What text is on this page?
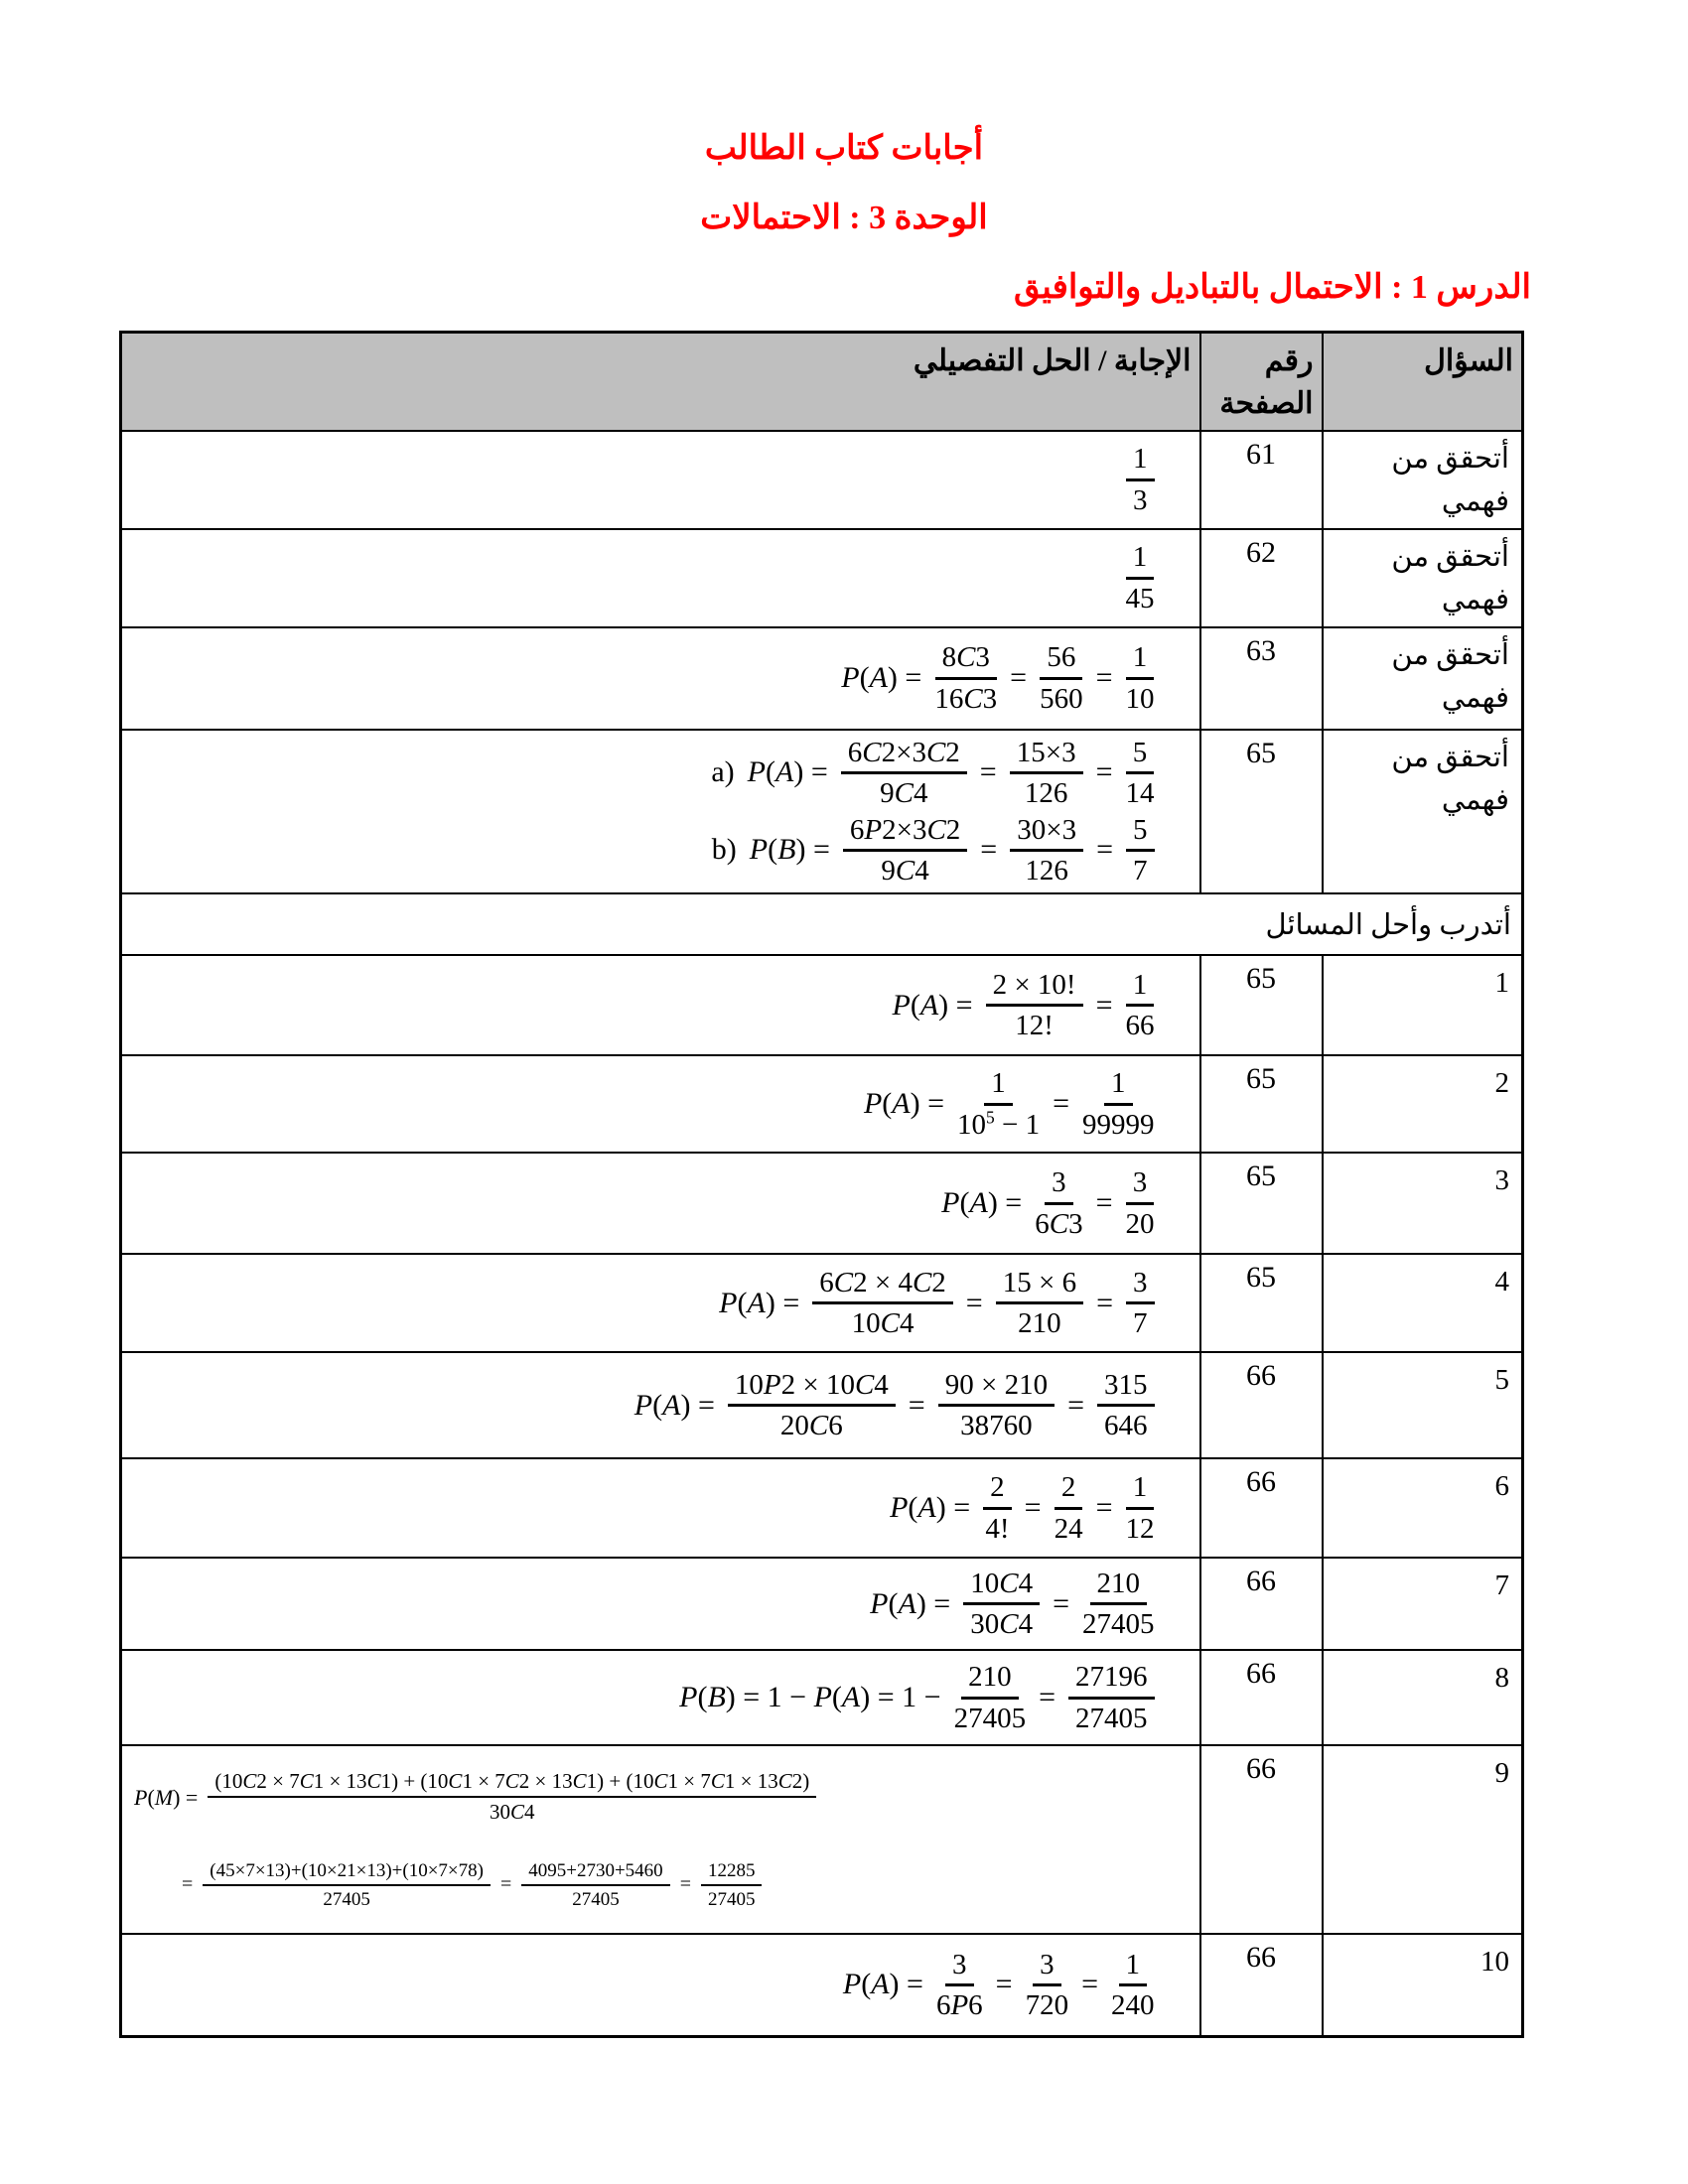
أجابات كتاب الطالب
الوحدة 3 : الاحتمالات
الدرس 1 : الاحتمال بالتباديل والتوافيق
السؤال	رقم الصفحة	الإجابة / الحل التفصيلي
أتحقق من فهمي	61	$\frac{1}{3}$

أتحقق من فهمي	62	$\frac{1}{45}$

أتحقق من فهمي	63	
$P(A) = \frac{8C3}{16C3} = \frac{56}{560} = \frac{1}{10}$

أتحقق من فهمي	65	
a) $P(A) = \frac{6C2\times 3C2}{9C4} = \frac{15\times 3}{126} = \frac{5}{14}$
b) $P(B) = \frac{6P2\times 3C2}{9C4} = \frac{30\times 3}{126} = \frac{5}{7}$

أتدرب وأحل المسائل		
1	65	
$P(A) = \frac{2 \times 10!}{12!} = \frac{1}{66}$

2	65	
$P(A) = \frac{1}{10^5 - 1} = \frac{1}{99999}$

3	65	
$P(A) = \frac{3}{6C3} = \frac{3}{20}$

4	65	
$P(A) = \frac{6C2 \times 4C2}{10C4} = \frac{15 \times 6}{210} = \frac{3}{7}$

5	66	
$P(A) = \frac{10P2 \times 10C4}{20C6} = \frac{90 \times 210}{38760} = \frac{315}{646}$

6	66	
$P(A) = \frac{2}{4!} = \frac{2}{24} = \frac{1}{12}$

7	66	
$P(A) = \frac{10C4}{30C4} = \frac{210}{27405}$

8	66	
$P(B) = 1 - P(A) = 1 - \frac{210}{27405} = \frac{27196}{27405}$

9	66	
P(M) =
(10C2 × 7C1 × 13C1) + (10C1 × 7C2 × 13C1) + (10C1 × 7C1 × 13C2)
30C4
= $\frac{(45\times 7\times 13)+(10\times 21\times 13)+(10\times 7\times 78)}{27405} = \frac{4095+2730+5460}{27405} = \frac{12285}{27405}$

10	66	
$P(A) = \frac{3}{6P6} = \frac{3}{720} = \frac{1}{240}$
